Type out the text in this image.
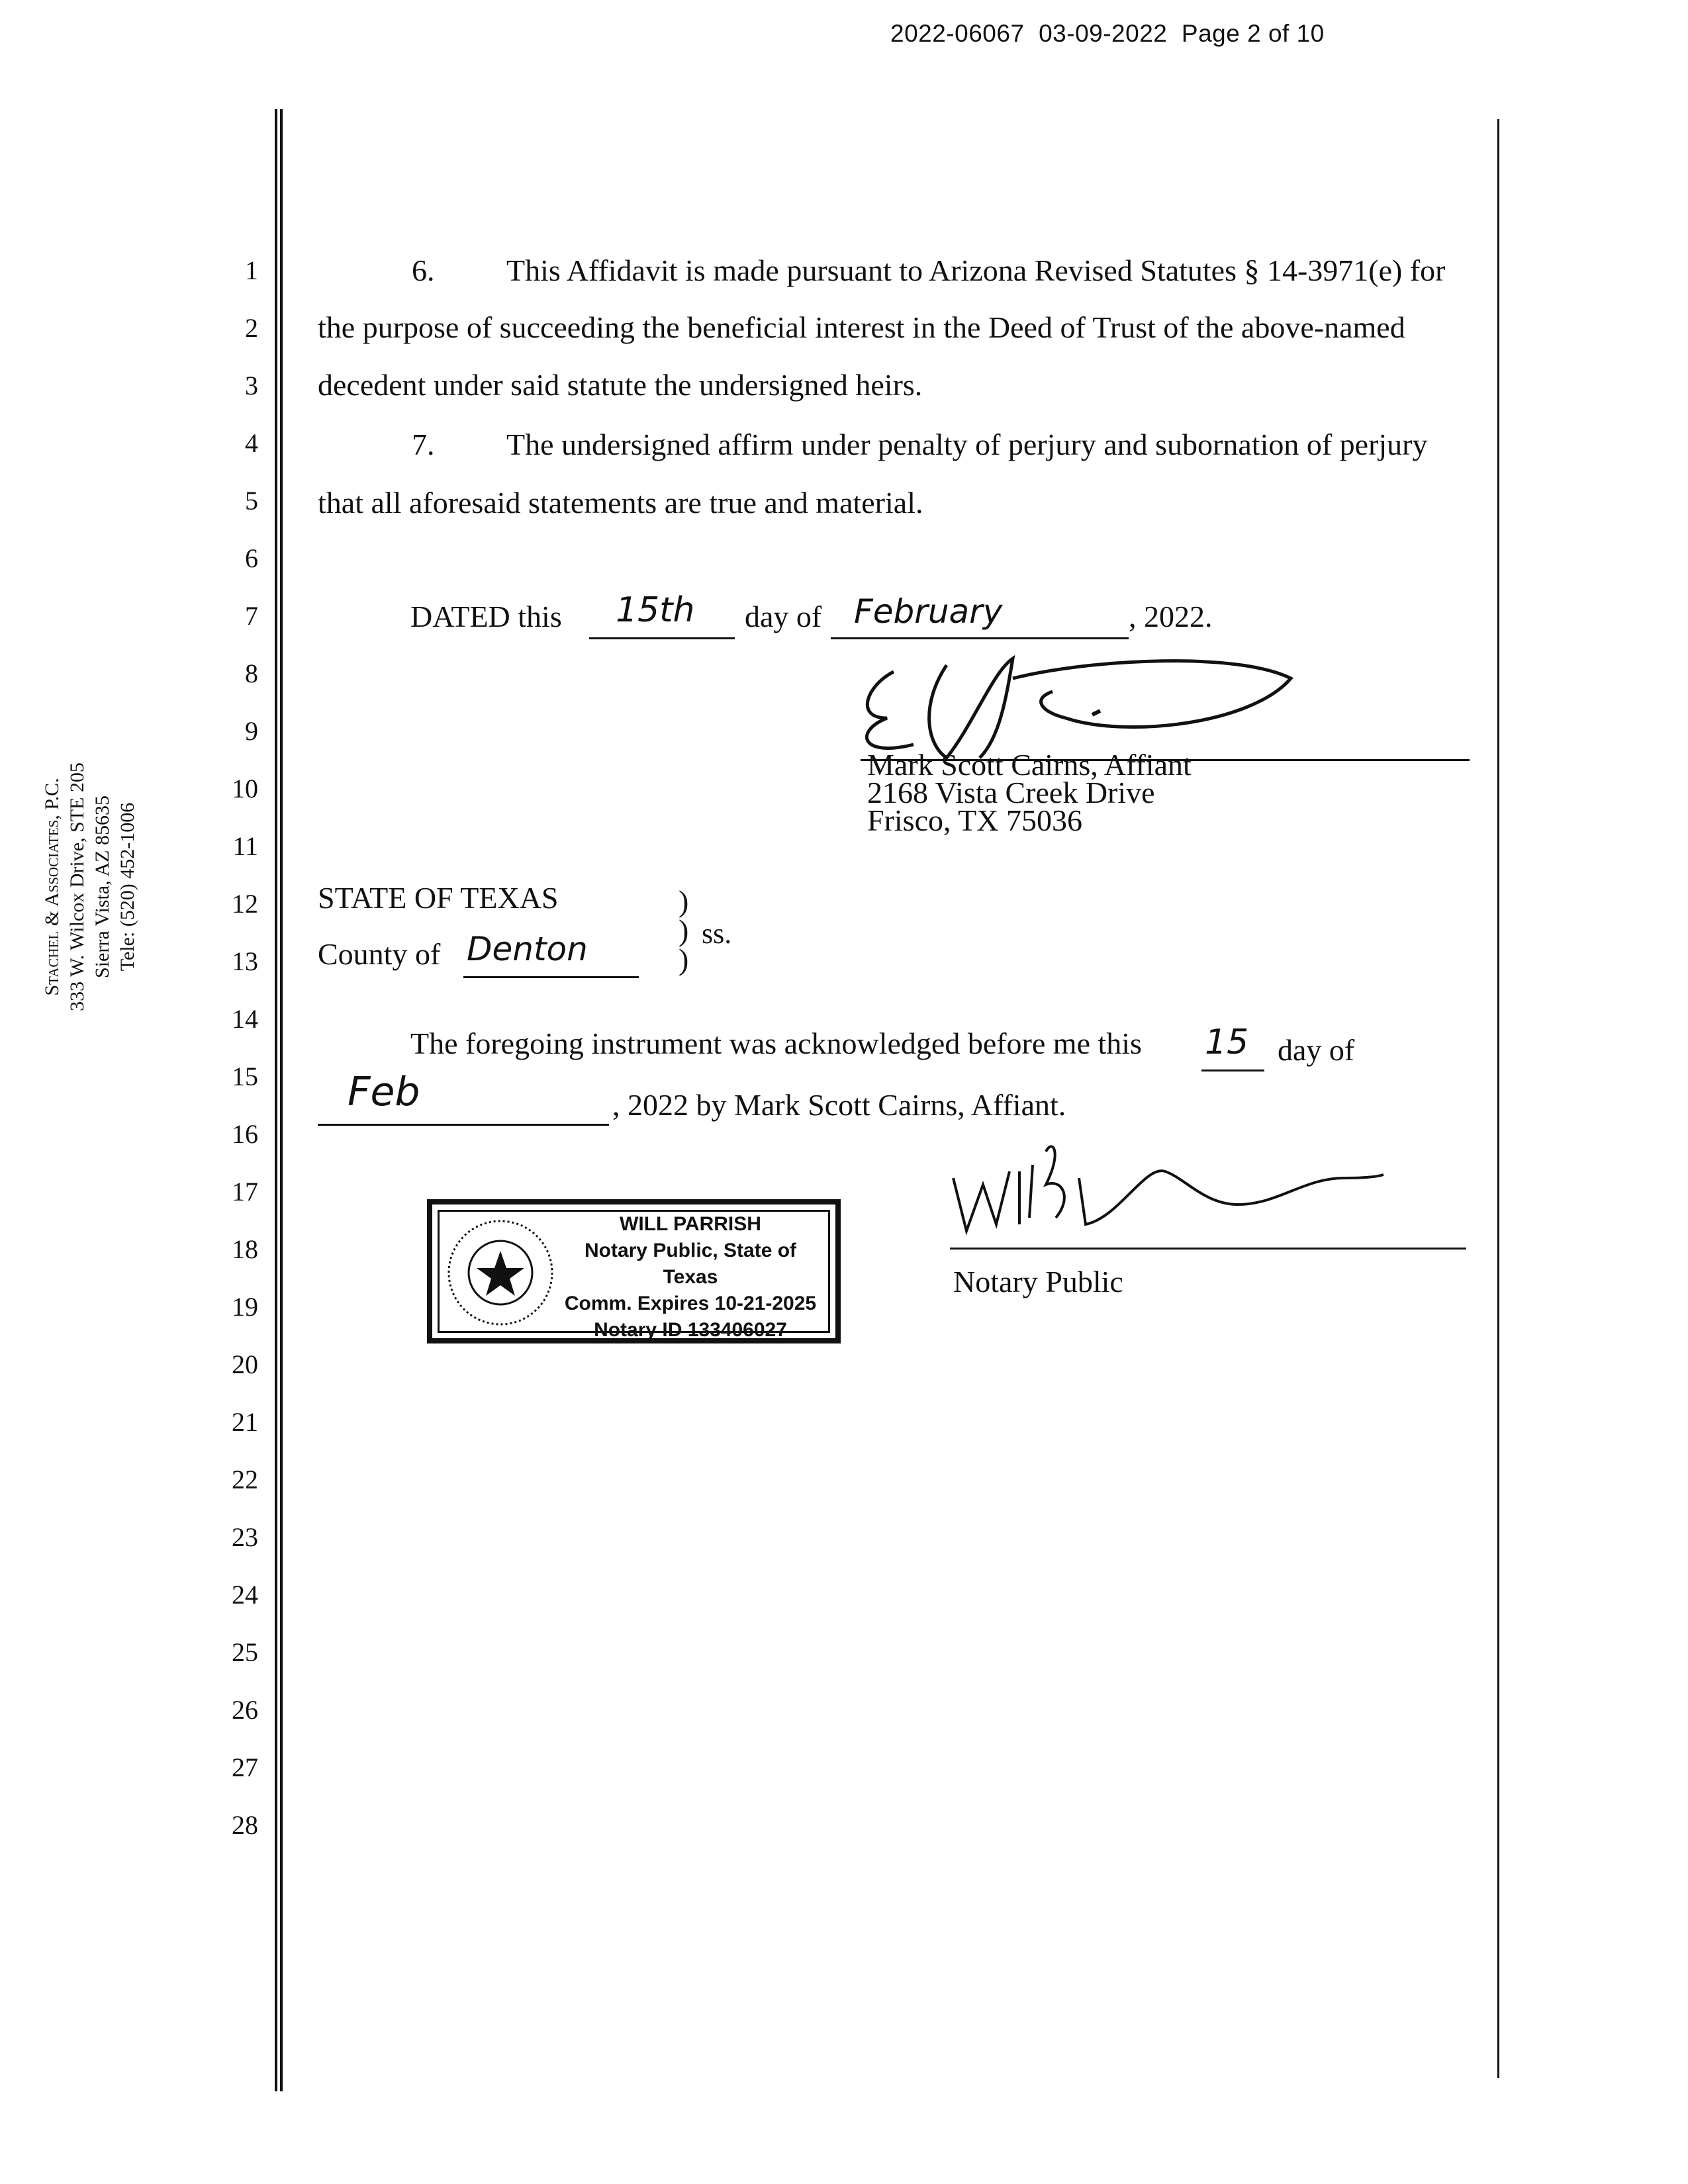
2022-06067 03-09-2022 Page 2 of 10
Stachel & Associates, P.C. 333 W. Wilcox Drive, STE 205 Sierra Vista, AZ 85635 Tele: (520) 452-1006
1
2
3
4
5
6
7
8
9
10
11
12
13
14
15
16
17
18
19
20
21
22
23
24
25
26
27
28
6. This Affidavit is made pursuant to Arizona Revised Statutes § 14-3971(e) for
the purpose of succeeding the beneficial interest in the Deed of Trust of the above-named
decedent under said statute the undersigned heirs.
7. The undersigned affirm under penalty of perjury and subornation of perjury
that all aforesaid statements are true and material.
DATED this 15th day of February	, 2022.
Mark Scott Cairns, Affiant
2168 Vista Creek Drive
Frisco, TX 75036
STATE OF TEXAS
County of Denton
)
)
)
ss.
The foregoing instrument was acknowledged before me this 15 day of
Feb	, 2022 by Mark Scott Cairns, Affiant.
WILL PARRISH
Notary Public, State of Texas
Comm. Expires 10-21-2025
Notary ID 133406027
Notary Public
